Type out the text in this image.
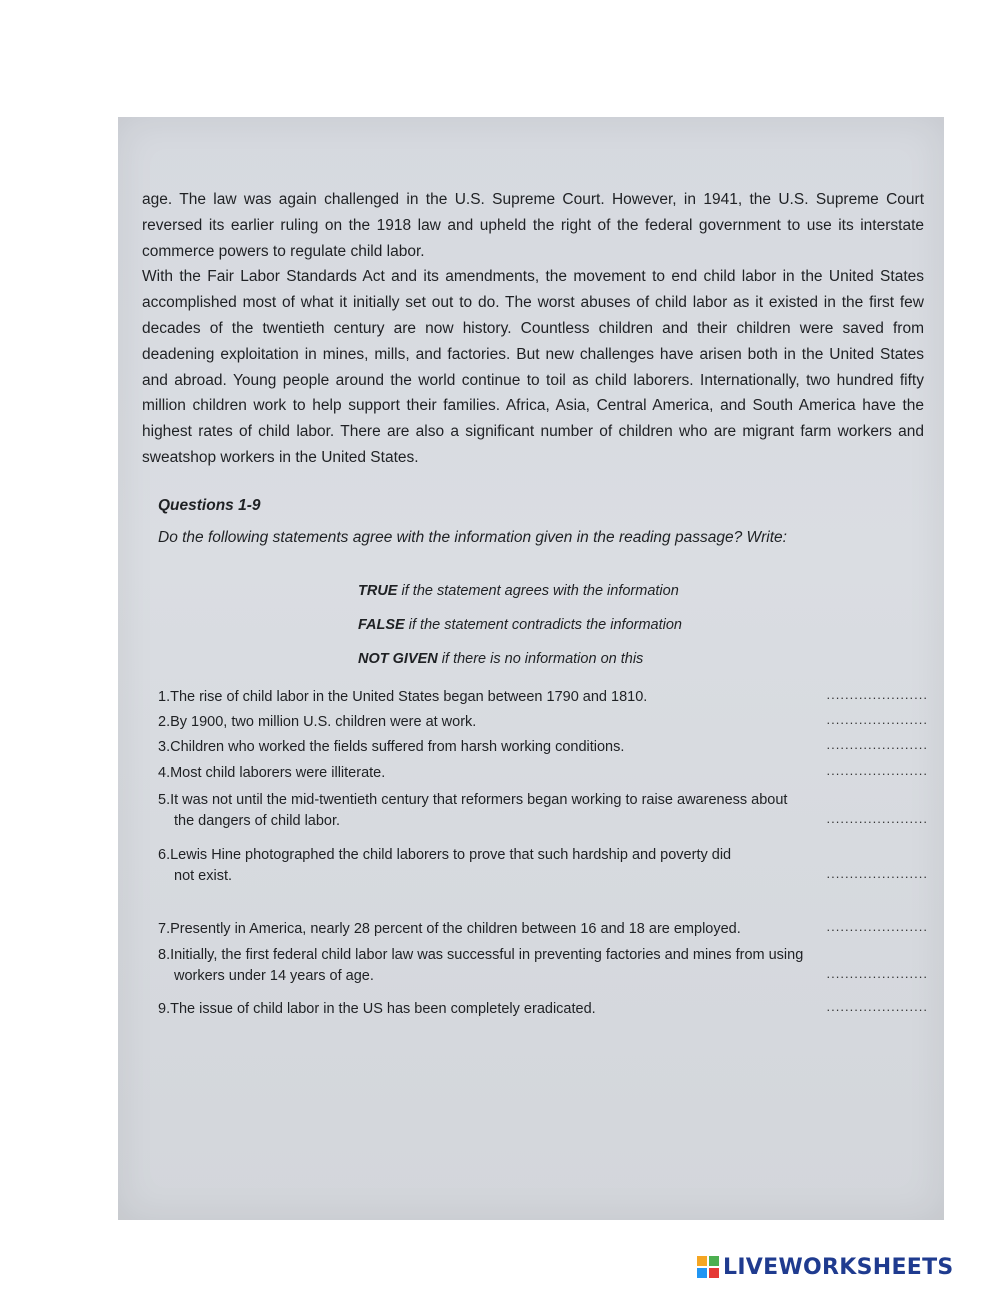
age. The law was again challenged in the U.S. Supreme Court. However, in 1941, the U.S. Supreme Court reversed its earlier ruling on the 1918 law and upheld the right of the federal government to use its interstate commerce powers to regulate child labor.

With the Fair Labor Standards Act and its amendments, the movement to end child labor in the United States accomplished most of what it initially set out to do. The worst abuses of child labor as it existed in the first few decades of the twentieth century are now history. Countless children and their children were saved from deadening exploitation in mines, mills, and factories. But new challenges have arisen both in the United States and abroad. Young people around the world continue to toil as child laborers. Internationally, two hundred fifty million children work to help support their families. Africa, Asia, Central America, and South America have the highest rates of child labor. There are also a significant number of children who are migrant farm workers and sweatshop workers in the United States.

Questions 1-9
Do the following statements agree with the information given in the reading passage? Write:
TRUE if the statement agrees with the information
FALSE if the statement contradicts the information
NOT GIVEN if there is no information on this
1.The rise of child labor in the United States began between 1790 and 1810.	......................
2.By 1900, two million U.S. children were at work.	......................
3.Children who worked the fields suffered from harsh working conditions.	......................
4.Most child laborers were illiterate.	......................
5.It was not until the mid-twentieth century that reformers began working to raise awareness about
the dangers of child labor.	......................
6.Lewis Hine photographed the child laborers to prove that such hardship and poverty did
not exist.	......................
7.Presently in America, nearly 28 percent of the children between 16 and 18 are employed.	......................
8.Initially, the first federal child labor law was successful in preventing factories and mines from using
workers under 14 years of age.	......................
9.The issue of child labor in the US has been completely eradicated.	......................
LIVEWORKSHEETS
